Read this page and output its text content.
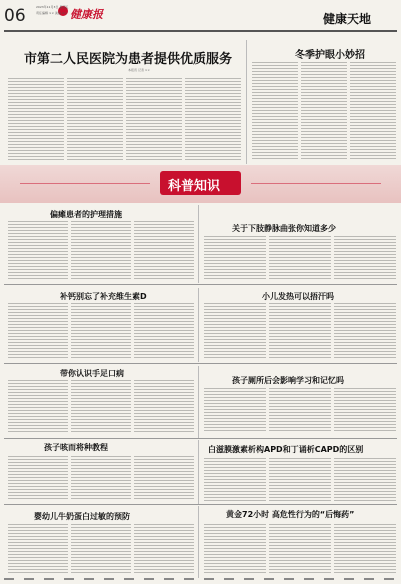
06	健康报
2023年11月3日 星期五
责任编辑 ×× 美编 ××	健康天地
市第二人民医院为患者提供优质服务
本报讯 记者 ××
冬季护眼小妙招
科普知识
偏瘫患者的护理措施
关于下肢静脉曲张你知道多少
补钙别忘了补充维生素D	小儿发热可以捂汗吗
带你认识手足口病
孩子厕所后会影响学习和记忆吗
孩子咳而将种教程	白滋膜激素析构APD和丁诵析CAPD的区别
婴幼儿牛奶蛋白过敏的预防	黄金72小时 高危性行为的“后悔药”
